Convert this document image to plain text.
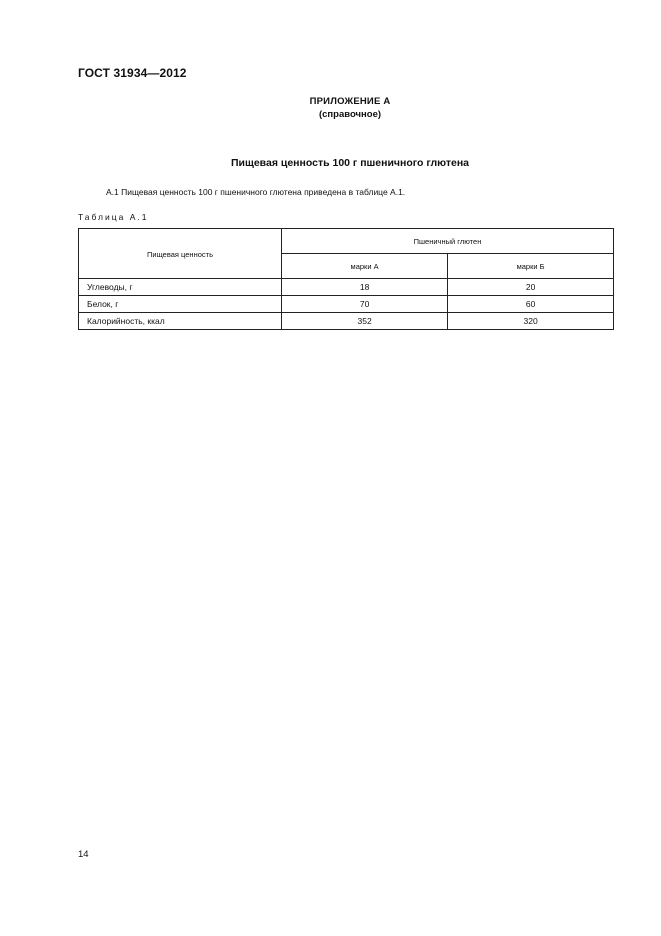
ГОСТ 31934—2012
ПРИЛОЖЕНИЕ А
(справочное)
Пищевая ценность 100 г пшеничного глютена
А.1 Пищевая ценность 100 г пшеничного глютена приведена в таблице А.1.
Таблица А.1
Пищевая ценность	Пшеничный глютен	
	марки А	марки Б
Углеводы, г	18	20
Белок, г	70	60
Калорийность, ккал	352	320
14
